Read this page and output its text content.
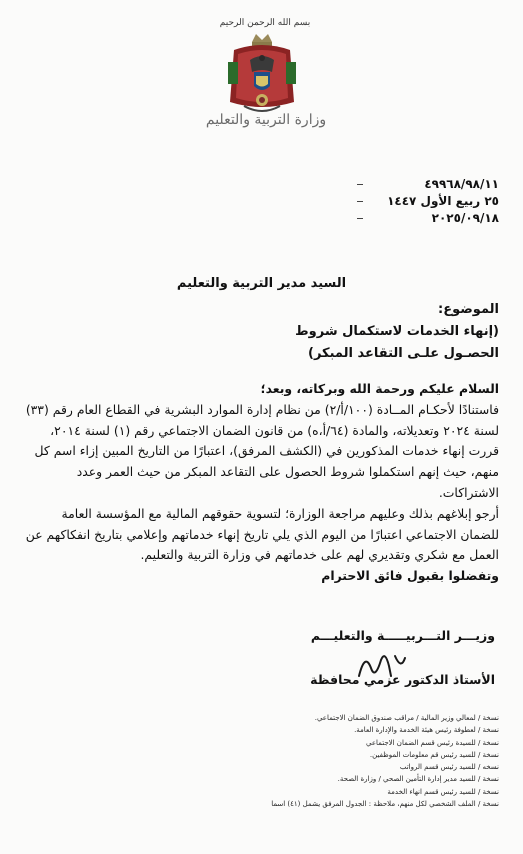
بسم الله الرحمن الرحيم
وزارة التربية والتعليم
٤٩٩٦٨/٩٨/١١
٢٥ ربيع الأول ١٤٤٧
٢٠٢٥/٠٩/١٨
السيد مدير التربية والتعليم
الموضوع:
(إنهاء الخدمات لاستكمال شروط
الحصـول علـى التقاعد المبكر)

السلام عليكم ورحمة الله وبركاته، وبعد؛

فاستنادًا لأحكـام المــادة (١٠٠/أ/٢) من نظام إدارة الموارد البشرية في القطاع العام رقم (٣٣) لسنة ٢٠٢٤ وتعديلاته، والمادة (٦٤/أ،ه) من قانون الضمان الاجتماعي رقم (١) لسنة ٢٠١٤، قررت إنهاء خدمات المذكورين في (الكشف المرفق)، اعتبارًا من التاريخ المبين إزاء اسم كل منهم، حيث إنهم استكملوا شروط الحصول على التقاعد المبكر من حيث العمر وعدد الاشتراكات.

أرجو إبلاغهم بذلك وعليهم مراجعة الوزارة؛ لتسوية حقوقهم المالية مع المؤسسة العامة للضمان الاجتماعي اعتبارًا من اليوم الذي يلي تاريخ إنهاء خدماتهم وإعلامي بتاريخ انفكاكهم عن العمل مع شكري وتقديري لهم على خدماتهم في وزارة التربية والتعليم.

وتفضلوا بقبول فائق الاحترام

وزيـــر التـــربيـــــة والتعليـــم
الأستاذ الدكتور عزمي محافظة
نسخة / لمعالي وزير المالية / مراقب صندوق الضمان الاجتماعي.
نسخة / لعطوفة رئيس هيئة الخدمة والإدارة العامة.
نسخة / للسيدة رئيس قسم الضمان الاجتماعي
نسخة / للسيد رئيس قم معلومات الموظفين.
نسخه / للسيد رئيس قسم الرواتب
نسخة / للسيد مدير إدارة التأمين الصحي / وزارة الصحة.
نسخة / للسيد رئيس قسم انهاء الخدمة
نسخة / الملف الشخصي لكل منهم، ملاحظة : الجدول المرفق يشمل (٤١) اسما
